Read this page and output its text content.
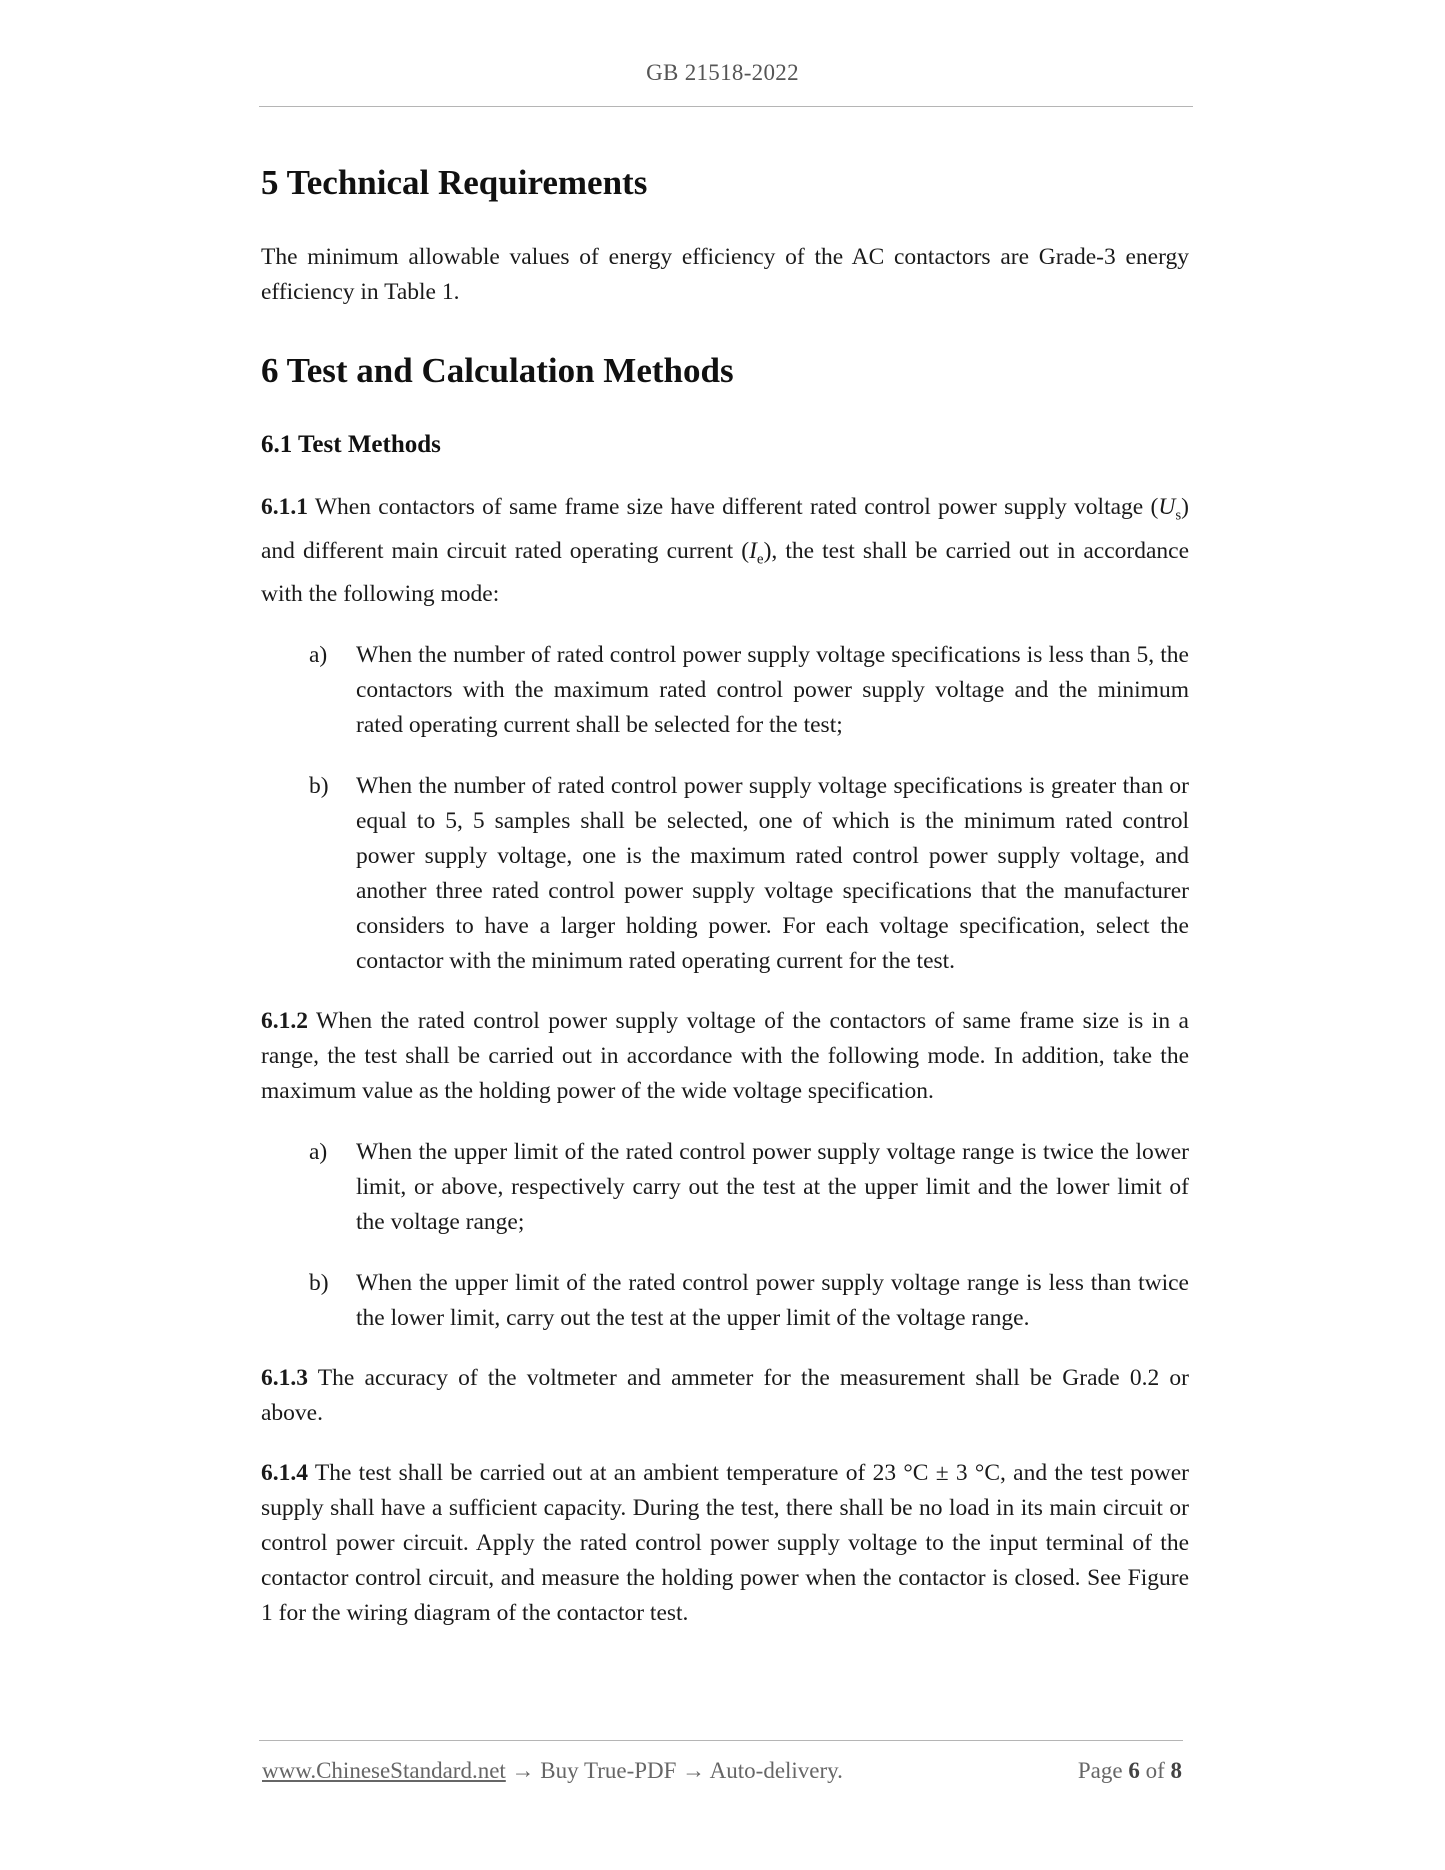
GB 21518-2022
5 Technical Requirements

The minimum allowable values of energy efficiency of the AC contactors are Grade-3 energy efficiency in Table 1.

6 Test and Calculation Methods
6.1 Test Methods

6.1.1 When contactors of same frame size have different rated control power supply voltage $(U_s)$ and different main circuit rated operating current $(I_e)$, the test shall be carried out in accordance with the following mode:

a)	When the number of rated control power supply voltage specifications is less than 5, the contactors with the maximum rated control power supply voltage and the minimum rated operating current shall be selected for the test;
b)	When the number of rated control power supply voltage specifications is greater than or equal to 5, 5 samples shall be selected, one of which is the minimum rated control power supply voltage, one is the maximum rated control power supply voltage, and another three rated control power supply voltage specifications that the manufacturer considers to have a larger holding power. For each voltage specification, select the contactor with the minimum rated operating current for the test.

6.1.2 When the rated control power supply voltage of the contactors of same frame size is in a range, the test shall be carried out in accordance with the following mode. In addition, take the maximum value as the holding power of the wide voltage specification.

a)	When the upper limit of the rated control power supply voltage range is twice the lower limit, or above, respectively carry out the test at the upper limit and the lower limit of the voltage range;
b)	When the upper limit of the rated control power supply voltage range is less than twice the lower limit, carry out the test at the upper limit of the voltage range.

6.1.3 The accuracy of the voltmeter and ammeter for the measurement shall be Grade 0.2 or above.

6.1.4 The test shall be carried out at an ambient temperature of 23 °C ± 3 °C, and the test power supply shall have a sufficient capacity. During the test, there shall be no load in its main circuit or control power circuit. Apply the rated control power supply voltage to the input terminal of the contactor control circuit, and measure the holding power when the contactor is closed. See Figure 1 for the wiring diagram of the contactor test.

www.ChineseStandard.net → Buy True-PDF → Auto-delivery.	Page 6 of 8
